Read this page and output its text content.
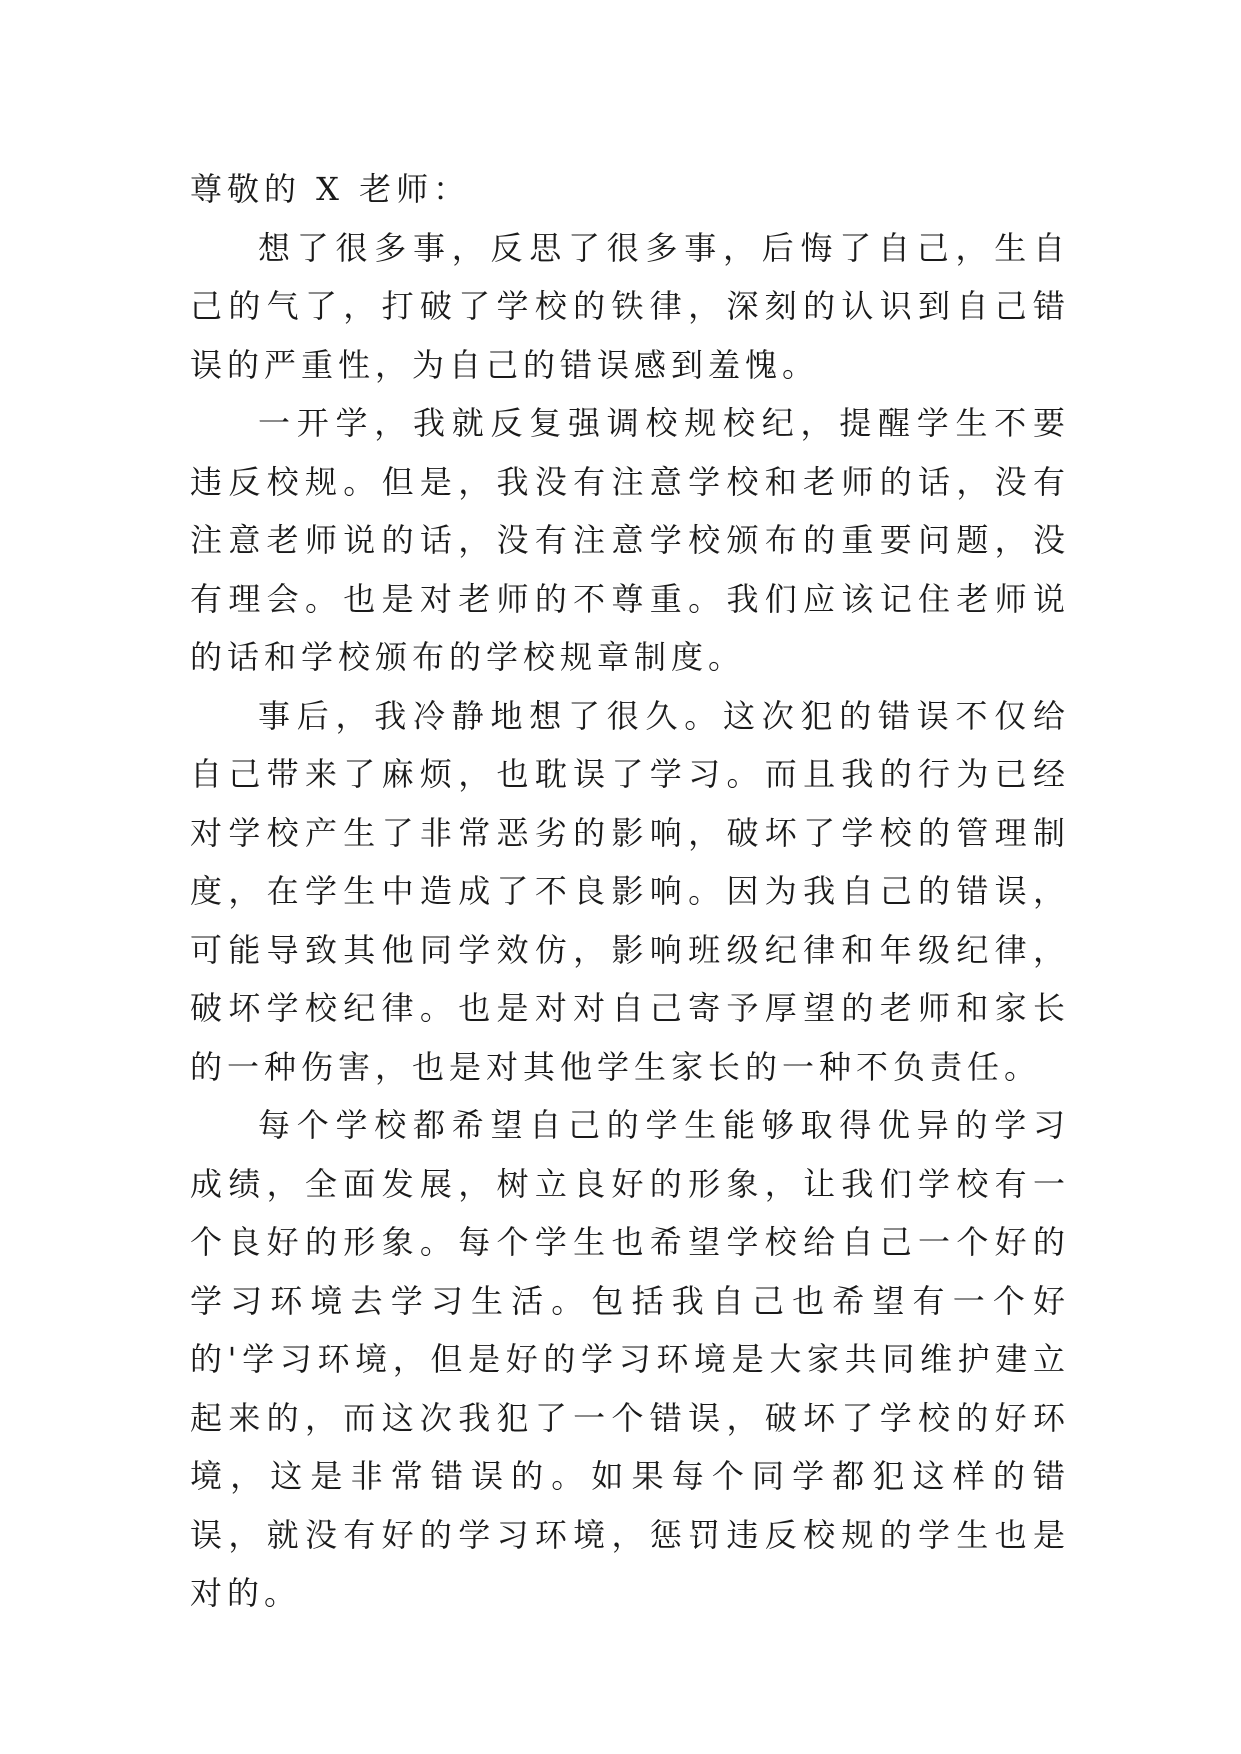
尊敬的 X 老师：

想了很多事，反思了很多事，后悔了自己，生自己的气了，打破了学校的铁律，深刻的认识到自己错误的严重性，为自己的错误感到羞愧。

一开学，我就反复强调校规校纪，提醒学生不要违反校规。但是，我没有注意学校和老师的话，没有注意老师说的话，没有注意学校颁布的重要问题，没有理会。也是对老师的不尊重。我们应该记住老师说的话和学校颁布的学校规章制度。

事后，我冷静地想了很久。这次犯的错误不仅给自己带来了麻烦，也耽误了学习。而且我的行为已经对学校产生了非常恶劣的影响，破坏了学校的管理制度，在学生中造成了不良影响。因为我自己的错误，可能导致其他同学效仿，影响班级纪律和年级纪律，破坏学校纪律。也是对对自己寄予厚望的老师和家长的一种伤害，也是对其他学生家长的一种不负责任。

每个学校都希望自己的学生能够取得优异的学习成绩，全面发展，树立良好的形象，让我们学校有一个良好的形象。每个学生也希望学校给自己一个好的学习环境去学习生活。包括我自己也希望有一个好的'学习环境，但是好的学习环境是大家共同维护建立起来的，而这次我犯了一个错误，破坏了学校的好环境，这是非常错误的。如果每个同学都犯这样的错误，就没有好的学习环境，惩罚违反校规的学生也是对的。
